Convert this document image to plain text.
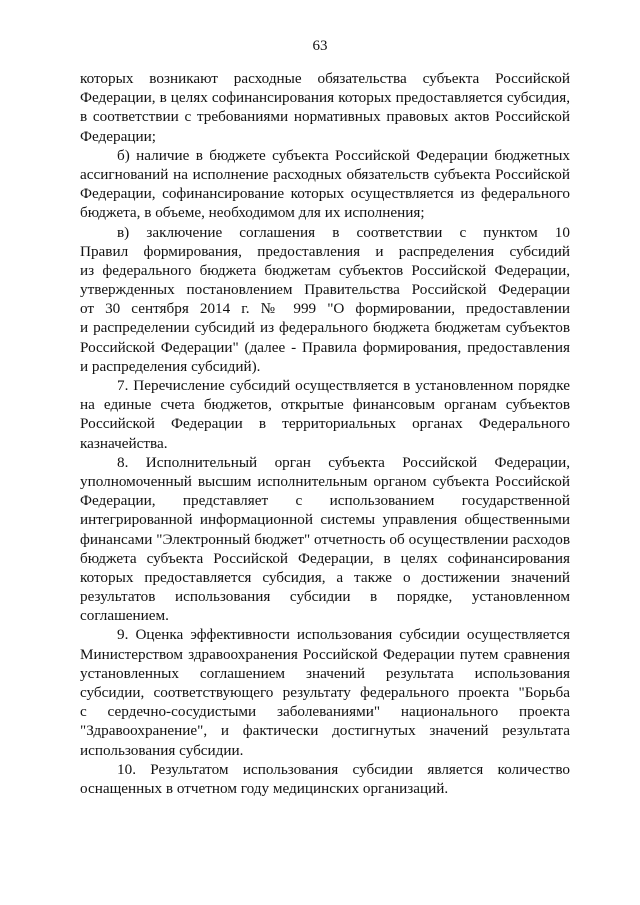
63
которых возникают расходные обязательства субъекта Российской
Федерации, в целях софинансирования которых предоставляется субсидия,
в соответствии с требованиями нормативных правовых актов Российской
Федерации;
б) наличие в бюджете субъекта Российской Федерации бюджетных
ассигнований на исполнение расходных обязательств субъекта Российской
Федерации, софинансирование которых осуществляется из федерального
бюджета, в объеме, необходимом для их исполнения;
в) заключение соглашения в соответствии с пунктом 10
Правил формирования, предоставления и распределения субсидий
из федерального бюджета бюджетам субъектов Российской Федерации,
утвержденных постановлением Правительства Российской Федерации
от 30 сентября 2014 г. № 999 "О формировании, предоставлении
и распределении субсидий из федерального бюджета бюджетам субъектов
Российской Федерации" (далее - Правила формирования, предоставления
и распределения субсидий).
7. Перечисление субсидий осуществляется в установленном порядке
на единые счета бюджетов, открытые финансовым органам субъектов
Российской Федерации в территориальных органах Федерального
казначейства.
8. Исполнительный орган субъекта Российской Федерации,
уполномоченный высшим исполнительным органом субъекта Российской
Федерации, представляет с использованием государственной
интегрированной информационной системы управления общественными
финансами "Электронный бюджет" отчетность об осуществлении расходов
бюджета субъекта Российской Федерации, в целях софинансирования
которых предоставляется субсидия, а также о достижении значений
результатов использования субсидии в порядке, установленном
соглашением.
9. Оценка эффективности использования субсидии осуществляется
Министерством здравоохранения Российской Федерации путем сравнения
установленных соглашением значений результата использования
субсидии, соответствующего результату федерального проекта "Борьба
с сердечно-сосудистыми заболеваниями" национального проекта
"Здравоохранение", и фактически достигнутых значений результата
использования субсидии.
10. Результатом использования субсидии является количество
оснащенных в отчетном году медицинских организаций.
